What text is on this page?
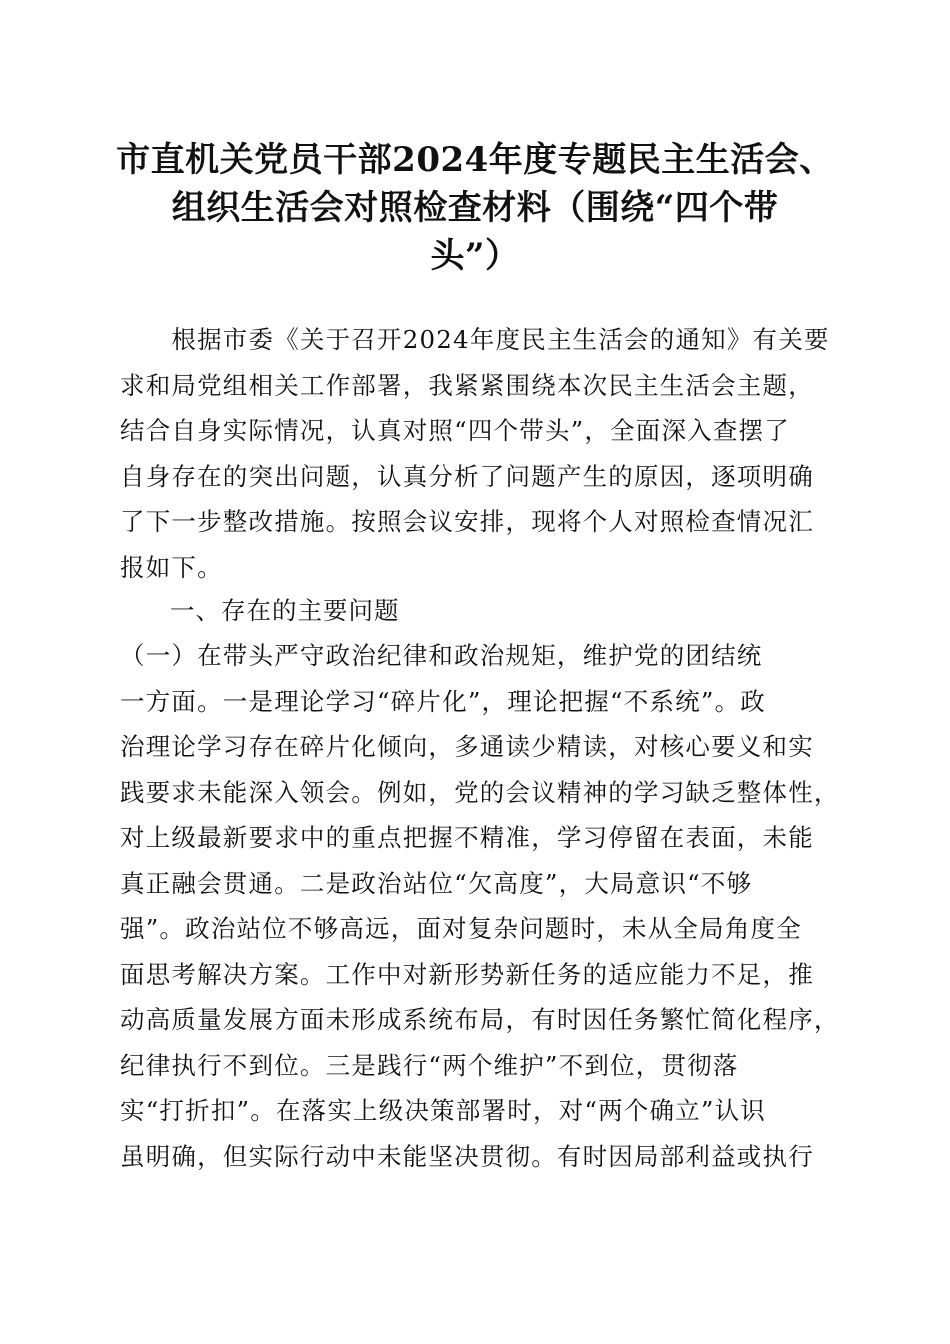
市直机关党员干部2024年度专题民主生活会、
组织生活会对照检查材料（围绕“四个带
头”）
　　根据市委《关于召开2024年度民主生活会的通知》有关要
求和局党组相关工作部署，我紧紧围绕本次民主生活会主题，
结合自身实际情况，认真对照“四个带头”，全面深入查摆了
自身存在的突出问题，认真分析了问题产生的原因，逐项明确
了下一步整改措施。按照会议安排，现将个人对照检查情况汇
报如下。
一、存在的主要问题
（一）在带头严守政治纪律和政治规矩，维护党的团结统
一方面。一是理论学习“碎片化”，理论把握“不系统”。政
治理论学习存在碎片化倾向，多通读少精读，对核心要义和实
践要求未能深入领会。例如，党的会议精神的学习缺乏整体性，
对上级最新要求中的重点把握不精准，学习停留在表面，未能
真正融会贯通。二是政治站位“欠高度”，大局意识“不够
强”。政治站位不够高远，面对复杂问题时，未从全局角度全
面思考解决方案。工作中对新形势新任务的适应能力不足，推
动高质量发展方面未形成系统布局，有时因任务繁忙简化程序，
纪律执行不到位。三是践行“两个维护”不到位，贯彻落
实“打折扣”。在落实上级决策部署时，对“两个确立”认识
虽明确，但实际行动中未能坚决贯彻。有时因局部利益或执行
